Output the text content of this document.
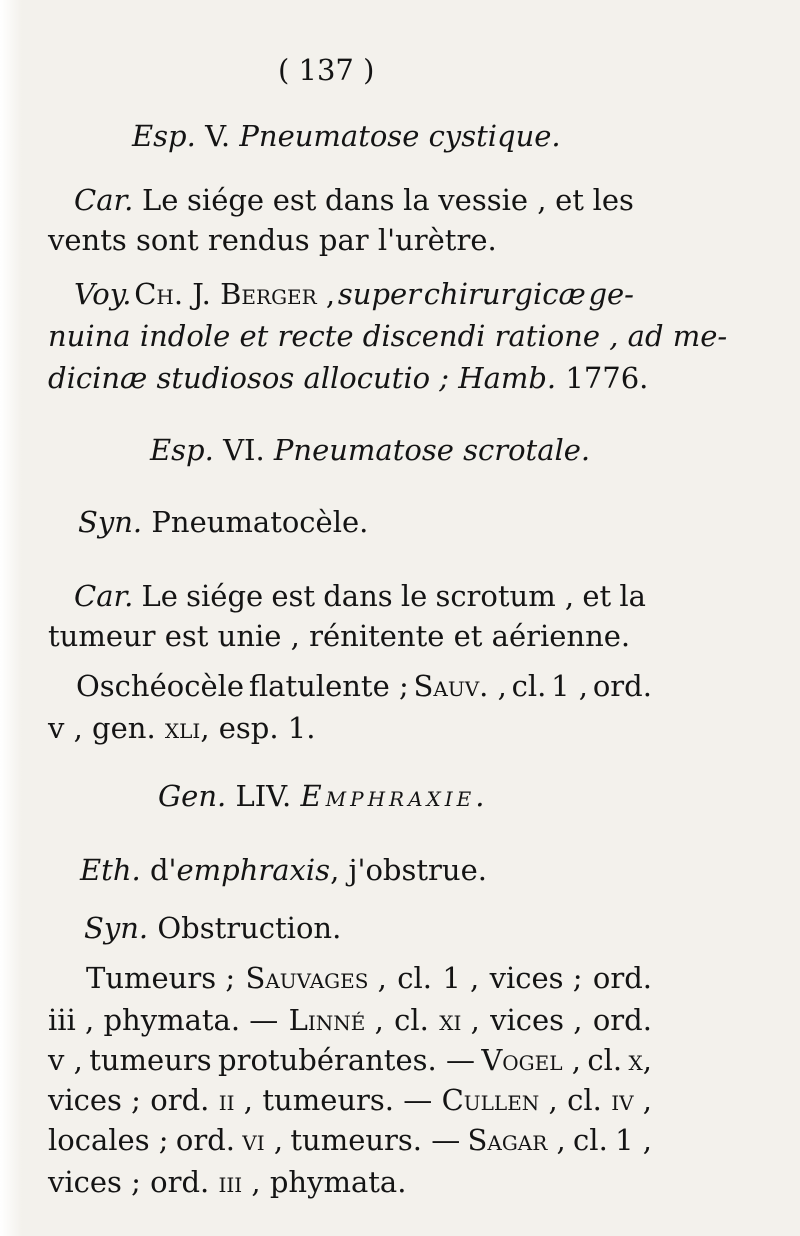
( 137 )
Esp. V. Pneumatose cystique.
Car. Le siége est dans la vessie , et les
vents sont rendus par l'urètre.
Voy. Ch. J. Berger , super chirurgicæ ge-
nuina indole et recte discendi ratione , ad me-
dicinæ studiosos allocutio ; Hamb. 1776.
Esp. VI. Pneumatose scrotale.
Syn. Pneumatocèle.
Car. Le siége est dans le scrotum , et la
tumeur est unie , rénitente et aérienne.
Oschéocèle flatulente ; Sauv. , cl. 1 , ord.
v , gen. xli, esp. 1.
Gen. LIV. Emphraxie.
Eth. d'emphraxis, j'obstrue.
Syn. Obstruction.
Tumeurs ; Sauvages , cl. 1 , vices ; ord.
iii , phymata. — Linné , cl. xi , vices , ord.
v , tumeurs protubérantes. — Vogel , cl. x,
vices ; ord. ii , tumeurs. — Cullen , cl. iv ,
locales ; ord. vi , tumeurs. — Sagar , cl. 1 ,
vices ; ord. iii , phymata.
